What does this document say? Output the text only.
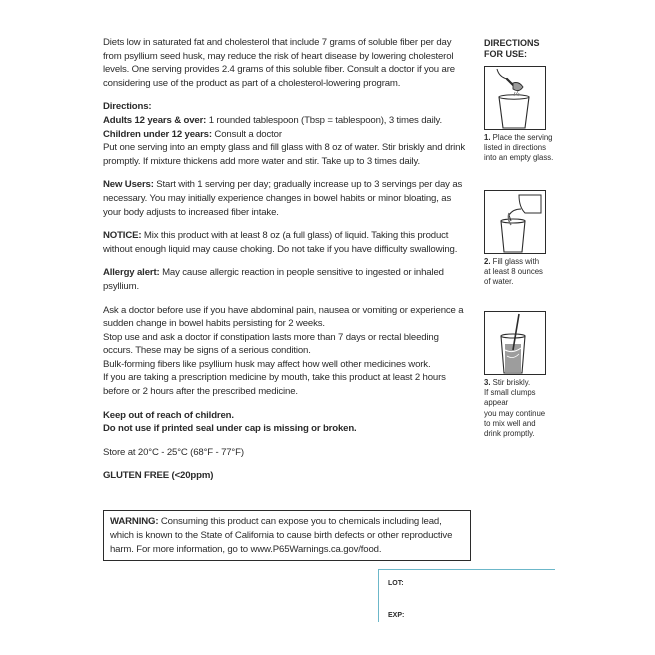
Diets low in saturated fat and cholesterol that include 7 grams of soluble fiber per day from psyllium seed husk, may reduce the risk of heart disease by lowering cholesterol levels. One serving provides 2.4 grams of this soluble fiber. Consult a doctor if you are considering use of the product as part of a cholesterol-lowering program.

Directions:

Adults 12 years & over: 1 rounded tablespoon (Tbsp = tablespoon), 3 times daily.

Children under 12 years: Consult a doctor

Put one serving into an empty glass and fill glass with 8 oz of water. Stir briskly and drink promptly. If mixture thickens add more water and stir. Take up to 3 times daily.

New Users: Start with 1 serving per day; gradually increase up to 3 servings per day as necessary. You may initially experience changes in bowel habits or minor bloating, as your body adjusts to increased fiber intake.

NOTICE: Mix this product with at least 8 oz (a full glass) of liquid. Taking this product without enough liquid may cause choking. Do not take if you have difficulty swallowing.

Allergy alert: May cause allergic reaction in people sensitive to ingested or inhaled psyllium.

Ask a doctor before use if you have abdominal pain, nausea or vomiting or experience a sudden change in bowel habits persisting for 2 weeks.

Stop use and ask a doctor if constipation lasts more than 7 days or rectal bleeding occurs. These may be signs of a serious condition.

Bulk-forming fibers like psyllium husk may affect how well other medicines work.

If you are taking a prescription medicine by mouth, take this product at least 2 hours before or 2 hours after the prescribed medicine.

Keep out of reach of children.

Do not use if printed seal under cap is missing or broken.

Store at 20°C - 25°C (68°F - 77°F)

GLUTEN FREE (<20ppm)

WARNING: Consuming this product can expose you to chemicals including lead, which is known to the State of California to cause birth defects or other reproductive harm. For more information, go to www.P65Warnings.ca.gov/food.
DIRECTIONS
FOR USE:
1. Place the serving
listed in directions
into an empty glass.
2. Fill glass with
at least 8 ounces
of water.
3. Stir briskly.
If small clumps appear
you may continue
to mix well and
drink promptly.
LOT:
EXP:
